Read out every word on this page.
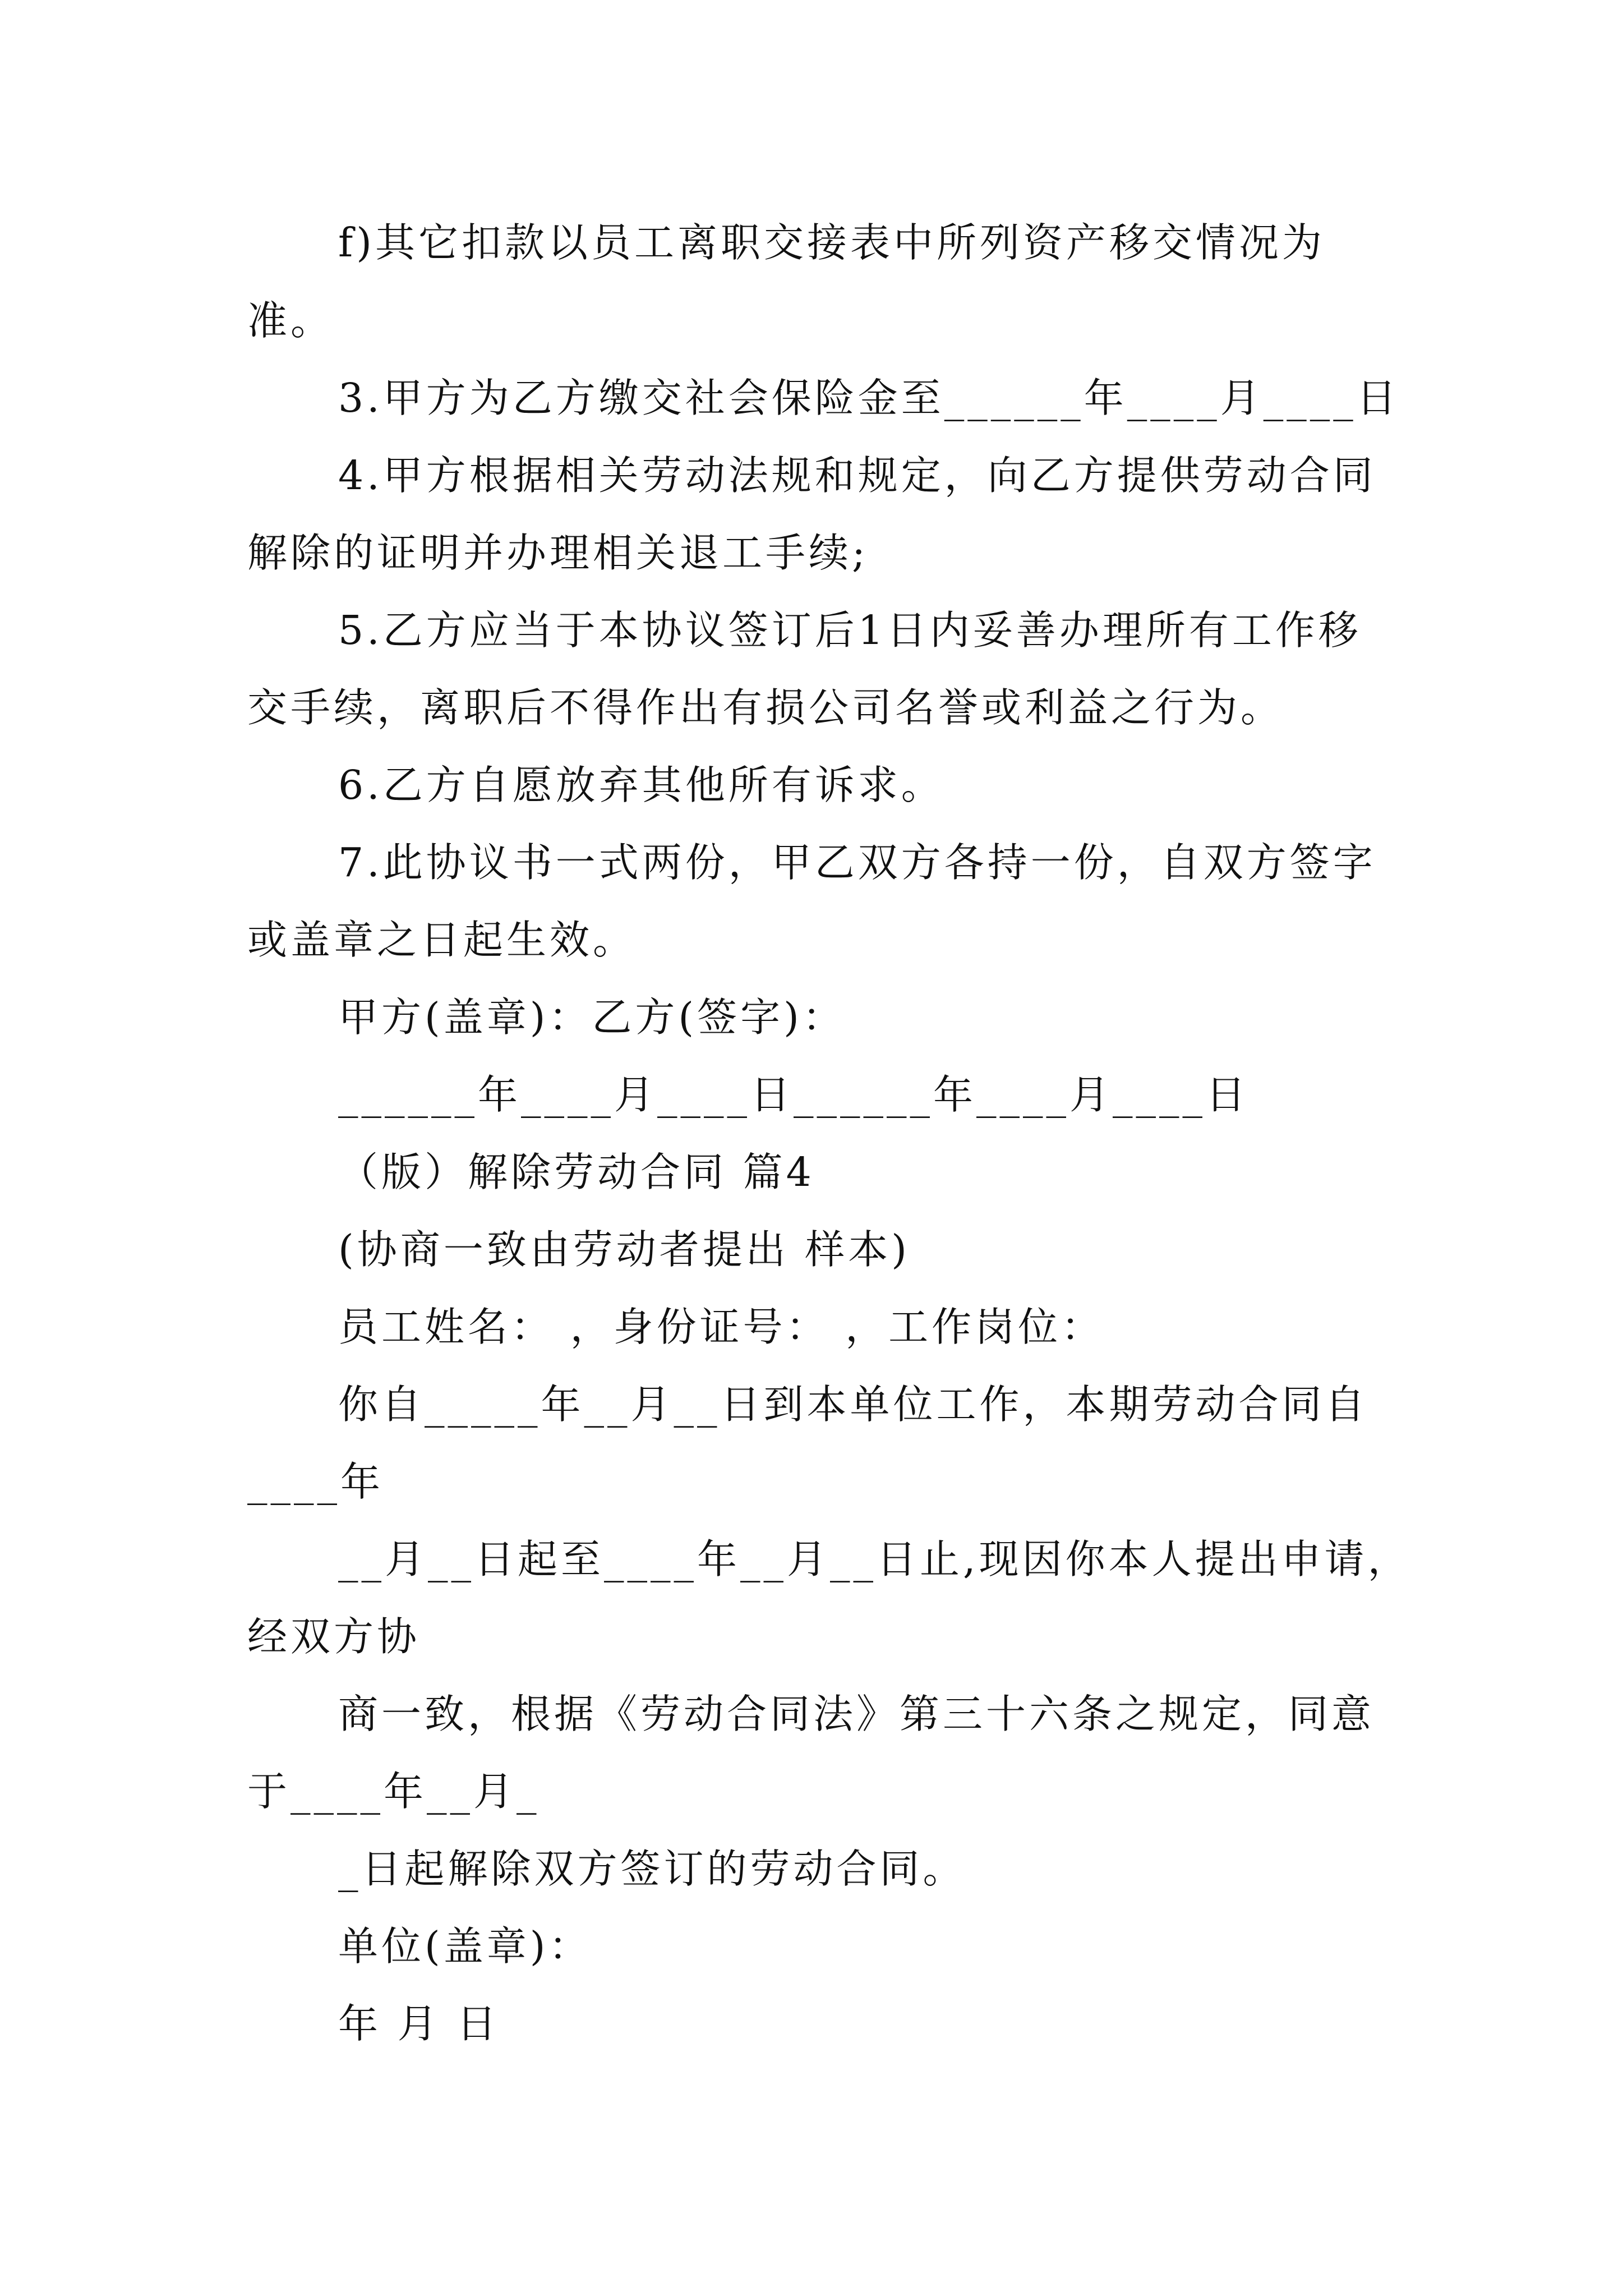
f)其它扣款以员工离职交接表中所列资产移交情况为
准。
3.甲方为乙方缴交社会保险金至______年____月____日
4.甲方根据相关劳动法规和规定，向乙方提供劳动合同
解除的证明并办理相关退工手续;
5.乙方应当于本协议签订后1日内妥善办理所有工作移
交手续，离职后不得作出有损公司名誉或利益之行为。
6.乙方自愿放弃其他所有诉求。
7.此协议书一式两份，甲乙双方各持一份，自双方签字
或盖章之日起生效。
甲方(盖章)：乙方(签字)：
______年____月____日______年____月____日
（版）解除劳动合同 篇4
(协商一致由劳动者提出 样本)
员工姓名： ，身份证号： ，工作岗位：
你自_____年__月__日到本单位工作，本期劳动合同自
____年
__月__日起至____年__月__日止,现因你本人提出申请，
经双方协
商一致，根据《劳动合同法》第三十六条之规定，同意
于____年__月_
_日起解除双方签订的劳动合同。
单位(盖章)：
年 月 日
